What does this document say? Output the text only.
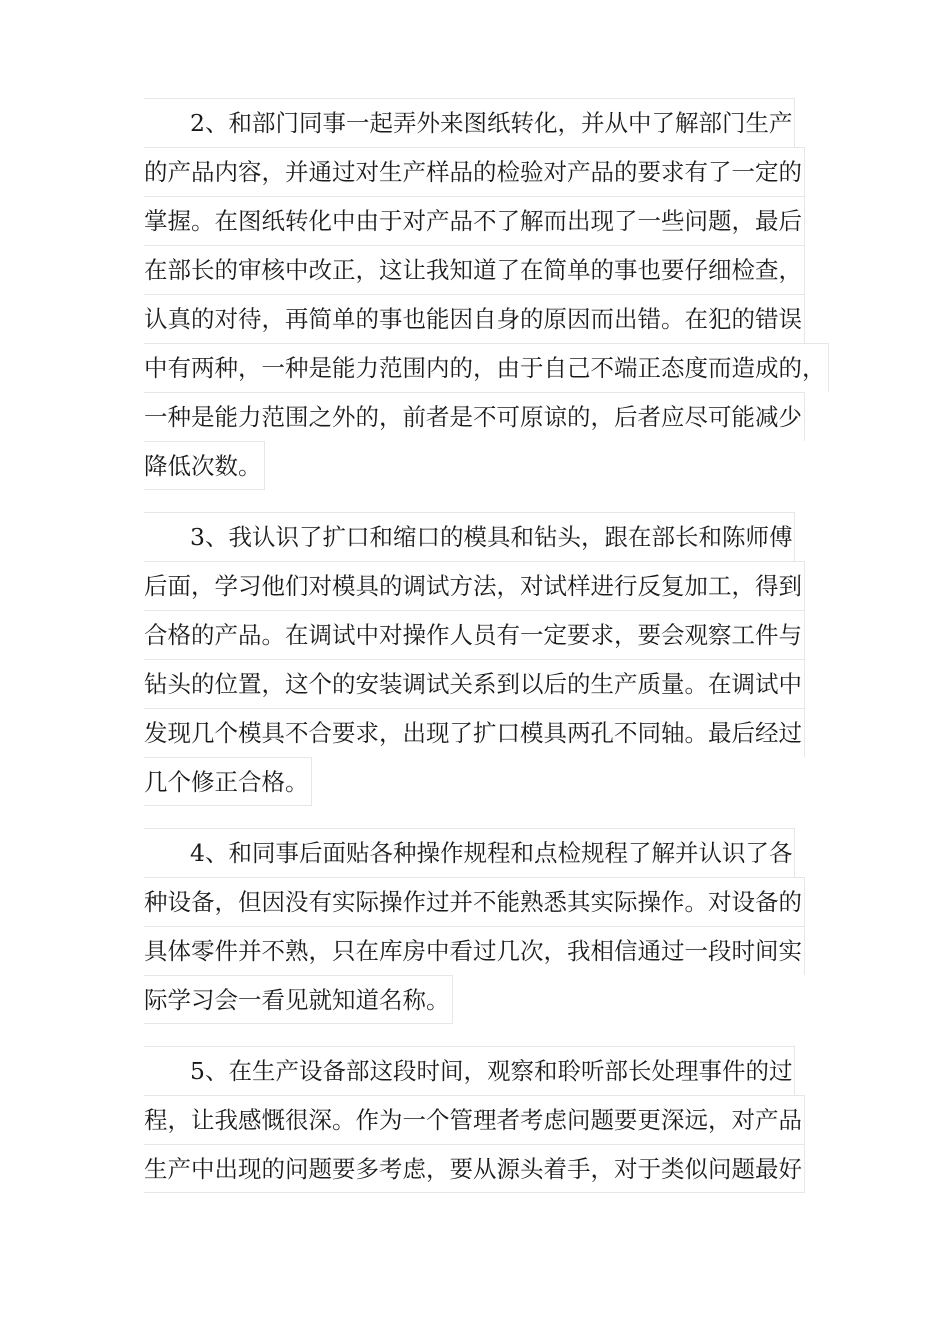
2、和部门同事一起弄外来图纸转化，并从中了解部门生产
的产品内容，并通过对生产样品的检验对产品的要求有了一定的
掌握。在图纸转化中由于对产品不了解而出现了一些问题，最后
在部长的审核中改正，这让我知道了在简单的事也要仔细检查，
认真的对待，再简单的事也能因自身的原因而出错。在犯的错误
中有两种，一种是能力范围内的，由于自己不端正态度而造成的，
一种是能力范围之外的，前者是不可原谅的，后者应尽可能减少
降低次数。
3、我认识了扩口和缩口的模具和钻头，跟在部长和陈师傅
后面，学习他们对模具的调试方法，对试样进行反复加工，得到
合格的产品。在调试中对操作人员有一定要求，要会观察工件与
钻头的位置，这个的安装调试关系到以后的生产质量。在调试中
发现几个模具不合要求，出现了扩口模具两孔不同轴。最后经过
几个修正合格。
4、和同事后面贴各种操作规程和点检规程了解并认识了各
种设备，但因没有实际操作过并不能熟悉其实际操作。对设备的
具体零件并不熟，只在库房中看过几次，我相信通过一段时间实
际学习会一看见就知道名称。
5、在生产设备部这段时间，观察和聆听部长处理事件的过
程，让我感慨很深。作为一个管理者考虑问题要更深远，对产品
生产中出现的问题要多考虑，要从源头着手，对于类似问题最好
